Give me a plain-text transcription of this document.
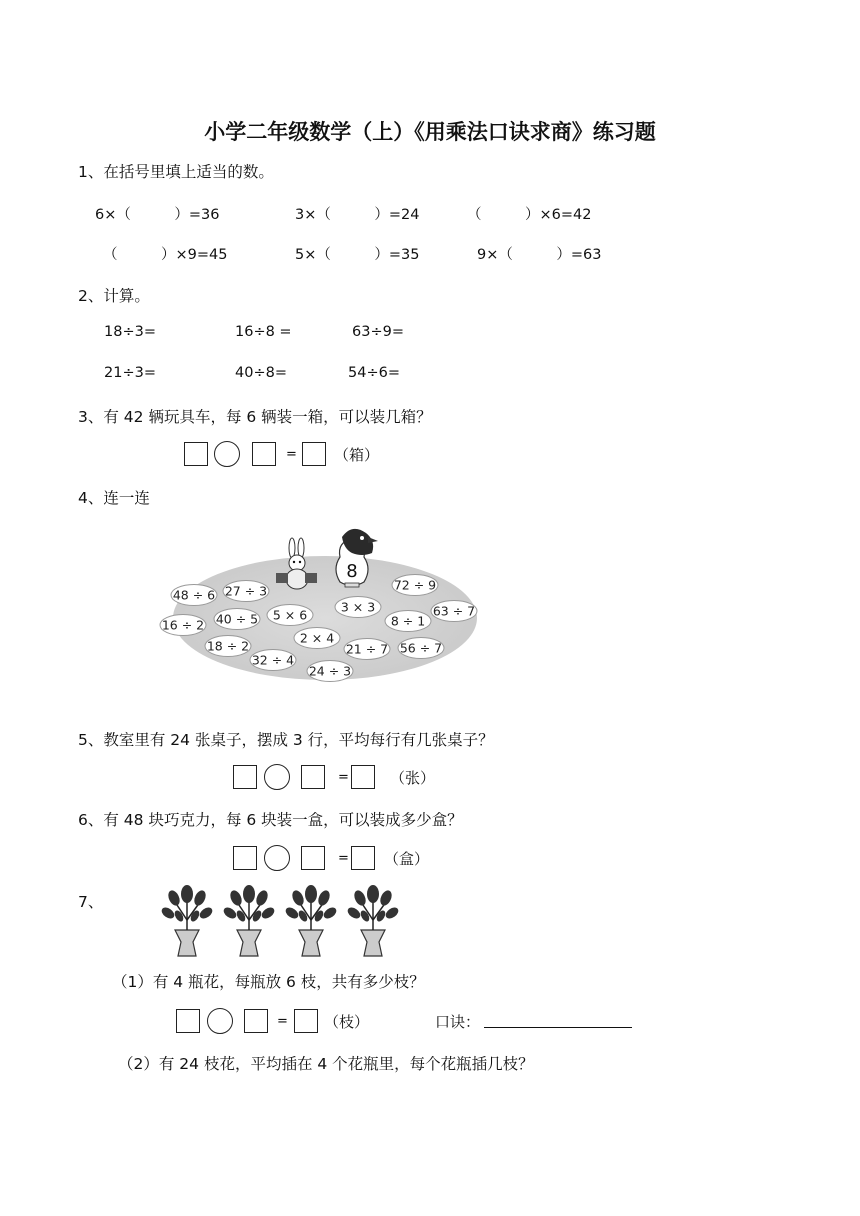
小学二年级数学（上）《用乘法口诀求商》练习题
1、在括号里填上适当的数。
6×（　　　）=36	3×（　　　）=24	（　　　）×6=42
（　　　）×9=45	5×（　　　）=35	9×（　　　）=63
2、计算。
18÷3=	16÷8 =	63÷9=
21÷3=	40÷8=	54÷6=
3、有 42 辆玩具车，每 6 辆装一箱，可以装几箱？
= （箱）
4、连一连
8
48 ÷ 6 27 ÷ 3	72 ÷ 9
63 ÷ 7
16 ÷ 2 40 ÷ 5 5 × 6
3 × 3
8 ÷ 1
2 × 4
18 ÷ 2	21 ÷ 7 56 ÷ 7
32 ÷ 4
24 ÷ 3
5、教室里有 24 张桌子，摆成 3 行，平均每行有几张桌子？
=	（张）
6、有 48 块巧克力，每 6 块装一盒，可以装成多少盒？
= （盒）
7、
（1）有 4 瓶花，每瓶放 6 枝，共有多少枝？
= （枝）	口诀：
（2）有 24 枝花，平均插在 4 个花瓶里，每个花瓶插几枝？
